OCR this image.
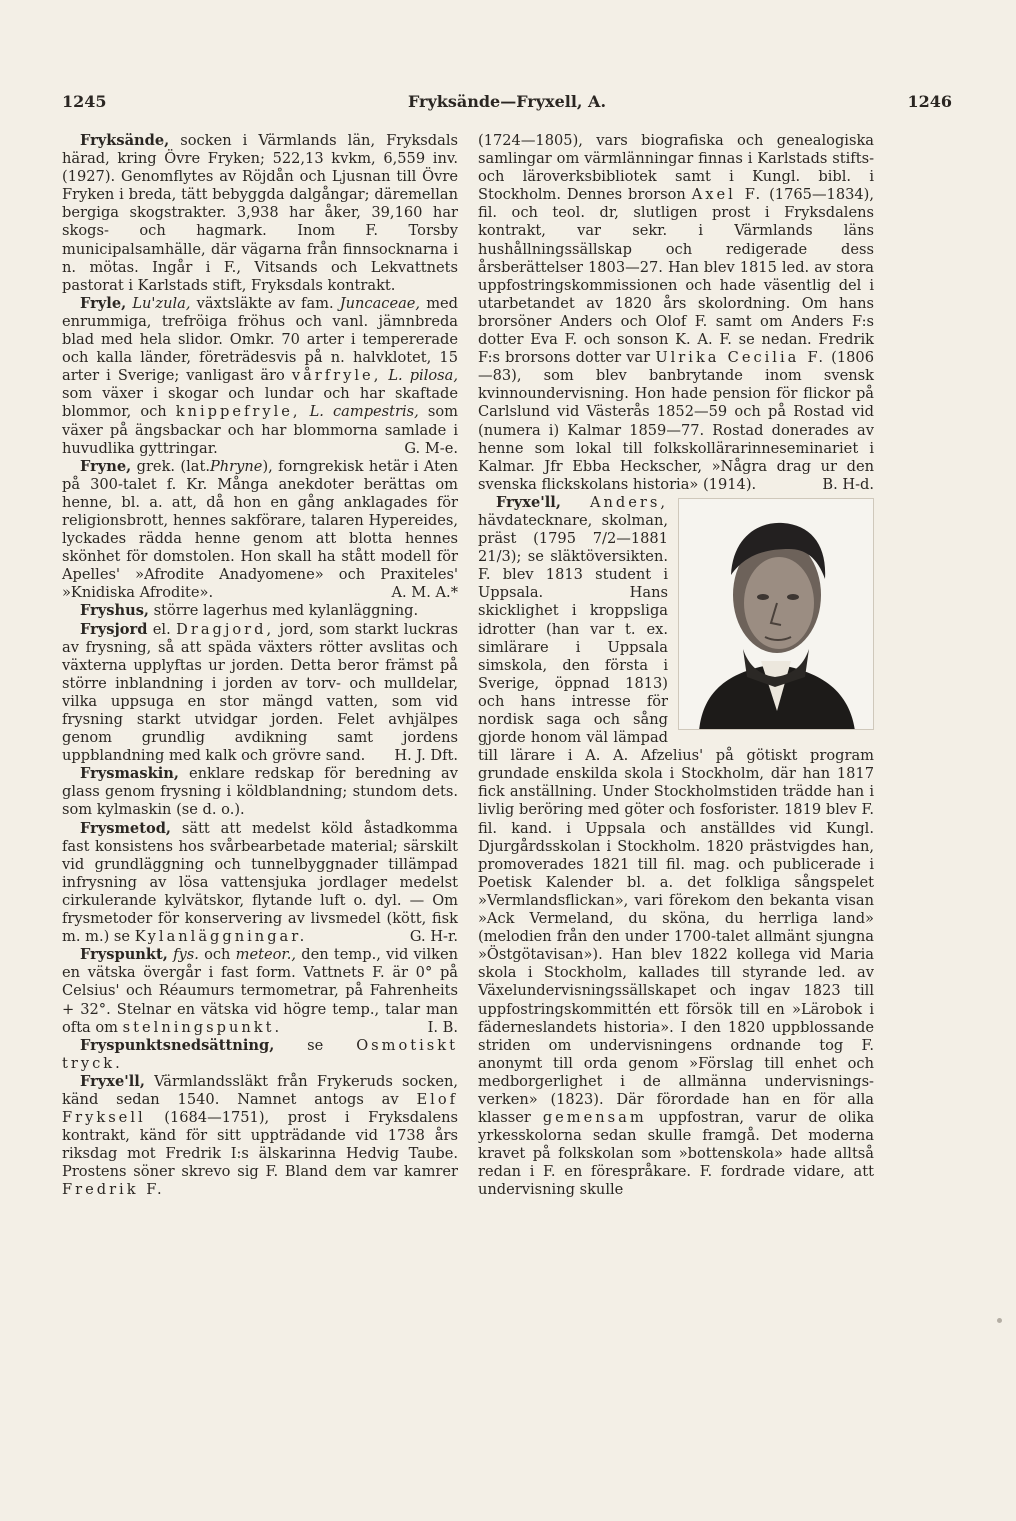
1245	Fryksände—Fryxell, A.	1246

Fryksände, socken i Värmlands län, Fryksdals härad, kring Övre Fryken; 522,13 kvkm, 6,559 inv. (1927). Genomflytes av Röjdån och Ljusnan till Övre Fryken i breda, tätt bebyggda dalgångar; däremellan bergiga skogstrakter. 3,938 har åker, 39,160 har skogs- och hagmark. Inom F. Torsby municipalsamhälle, där vägarna från finnsocknarna i n. mötas. Ingår i F., Vitsands och Lekvattnets pastorat i Karlstads stift, Fryksdals kontrakt.

Fryle, Lu'zula, växtsläkte av fam. Juncaceae, med enrummiga, trefröiga fröhus och vanl. jämnbreda blad med hela slidor. Omkr. 70 arter i tempererade och kalla länder, företrädesvis på n. halvklotet, 15 arter i Sverige; vanligast äro vårfryle, L. pilosa, som växer i skogar och lundar och har skaftade blommor, och knippefryle, L. campestris, som växer på ängsbackar och har blommorna samlade i huvudlika gyttringar.	G. M-e.

Fryne, grek. (lat.Phryne), forngrekisk hetär i Aten på 300-talet f. Kr. Många anekdoter berättas om henne, bl. a. att, då hon en gång anklagades för religionsbrott, hennes sakförare, talaren Hypereides, lyckades rädda henne genom att blotta hennes skönhet för domstolen. Hon skall ha stått modell för Apelles' »Afrodite Anadyomene» och Praxiteles' »Knidiska Afrodite».	A. M. A.*

Fryshus, större lagerhus med kylanläggning.

Frysjord el. Dragjord, jord, som starkt luckras av frysning, så att späda växters rötter avslitas och växterna upplyftas ur jorden. Detta beror främst på större inblandning i jorden av torv- och mulldelar, vilka uppsuga en stor mängd vatten, som vid frysning starkt utvidgar jorden. Felet avhjälpes genom grundlig avdikning samt jordens uppblandning med kalk och grövre sand.	H. J. Dft.

Frysmaskin, enklare redskap för beredning av glass genom frysning i köldblandning; stundom dets. som kylmaskin (se d. o.).

Frysmetod, sätt att medelst köld åstadkomma fast konsistens hos svårbearbetade material; särskilt vid grundläggning och tunnelbyggnader tillämpad infrysning av lösa vattensjuka jordlager medelst cirkulerande kylvätskor, flytande luft o. dyl. — Om frysmetoder för konservering av livsmedel (kött, fisk m. m.) se Kylanläggningar.	G. H-r.

Fryspunkt, fys. och meteor., den temp., vid vilken en vätska övergår i fast form. Vattnets F. är 0° på Celsius' och Réaumurs termometrar, på Fahrenheits + 32°. Stelnar en vätska vid högre temp., talar man ofta om stelningspunkt.	I. B.

Fryspunktsnedsättning, se Osmotiskt tryck.

Fryxe'll, Värmlandssläkt från Frykeruds socken, känd sedan 1540. Namnet antogs av Elof Fryksell (1684—1751), prost i Fryksdalens kontrakt, känd för sitt uppträdande vid 1738 års riksdag mot Fredrik I:s älskarinna Hedvig Taube. Prostens söner skrevo sig F. Bland dem var kamrer Fredrik F.

(1724—1805), vars biografiska och genealogiska samlingar om värmlänningar finnas i Karlstads stifts- och läroverksbibliotek samt i Kungl. bibl. i Stockholm. Dennes brorson Axel F. (1765—1834), fil. och teol. dr, slutligen prost i Fryksdalens kontrakt, var sekr. i Värmlands läns hushållningssällskap och redigerade dess årsberättelser 1803—27. Han blev 1815 led. av stora uppfostringskommissionen och hade väsentlig del i utarbetandet av 1820 års skolordning. Om hans brorsöner Anders och Olof F. samt om Anders F:s dotter Eva F. och sonson K. A. F. se nedan. Fredrik F:s brorsons dotter var Ulrika Cecilia F. (1806—83), som blev banbrytande inom svensk kvinnoundervisning. Hon hade pension för flickor på Carlslund vid Västerås 1852—59 och på Rostad vid (numera i) Kalmar 1859—77. Rostad donerades av henne som lokal till folkskollärarinneseminariet i Kalmar. Jfr Ebba Heckscher, »Några drag ur den svenska flickskolans historia» (1914).	B. H-d.

Fryxe'll, Anders,
hävdatecknare, skolman, präst (1795 7/2—1881 21/3); se släktöversikten. F. blev 1813 student i Uppsala. Hans skicklighet i kroppsliga idrotter (han var t. ex. simlärare i Uppsala simskola, den första i Sverige, öppnad 1813) och hans intresse för nordisk saga och sång gjorde honom väl lämpad till lärare i A. A. Afzelius' på götiskt program grundade enskilda skola i Stockholm, där han 1817 fick anställning. Under Stockholmstiden trädde han i livlig beröring med göter och fosforister. 1819 blev F. fil. kand. i Uppsala och anställdes vid Kungl. Djurgårdsskolan i Stockholm. 1820 prästvigdes han, promoverades 1821 till fil. mag. och publicerade i Poetisk Kalender bl. a. det folkliga sångspelet »Vermlandsflickan», vari förekom den bekanta visan »Ack Vermeland, du sköna, du herrliga land» (melodien från den under 1700-talet allmänt sjungna »Östgötavisan»). Han blev 1822 kollega vid Maria skola i Stockholm, kallades till styrande led. av Växelundervisningssällskapet och ingav 1823 till uppfostringskommittén ett försök till en »Lärobok i fäderneslandets historia». I den 1820 uppblossande striden om undervisningens ordnande tog F. anonymt till orda genom »Förslag till enhet och medborgerlighet i de allmänna undervisnings-verken» (1823). Där förordade han en för alla klasser gemensam uppfostran, varur de olika yrkesskolorna sedan skulle framgå. Det moderna kravet på folkskolan som »bottenskola» hade alltså redan i F. en förespråkare. F. fordrade vidare, att undervisning skulle
